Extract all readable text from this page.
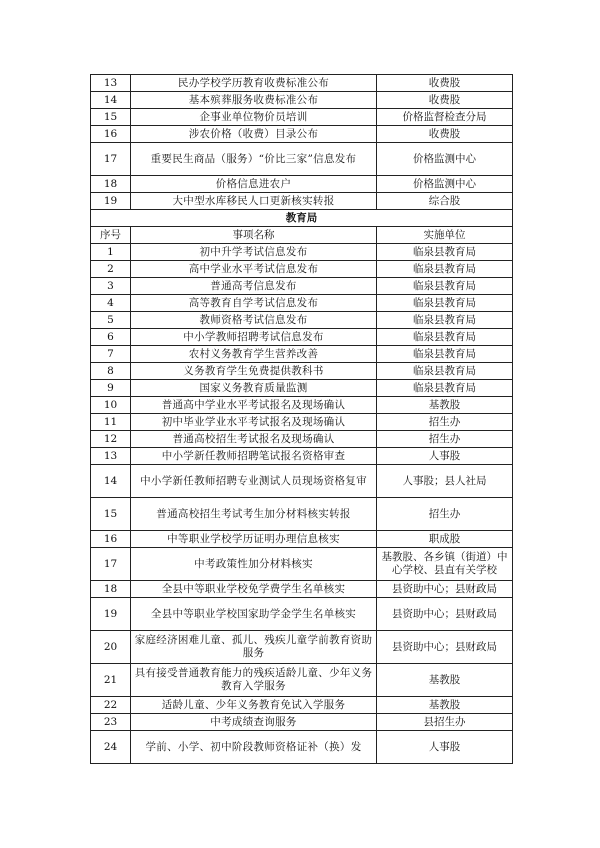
13	民办学校学历教育收费标准公布	收费股
14	基本殡葬服务收费标准公布	收费股
15	企事业单位物价员培训	价格监督检查分局
16	涉农价格（收费）目录公布	收费股
17	重要民生商品（服务）“价比三家”信息发布	价格监测中心
18	价格信息进农户	价格监测中心
19	大中型水库移民人口更新核实转报	综合股
教育局		
序号	事项名称	实施单位
1	初中升学考试信息发布	临泉县教育局
2	高中学业水平考试信息发布	临泉县教育局
3	普通高考信息发布	临泉县教育局
4	高等教育自学考试信息发布	临泉县教育局
5	教师资格考试信息发布	临泉县教育局
6	中小学教师招聘考试信息发布	临泉县教育局
7	农村义务教育学生营养改善	临泉县教育局
8	义务教育学生免费提供教科书	临泉县教育局
9	国家义务教育质量监测	临泉县教育局
10	普通高中学业水平考试报名及现场确认	基教股
11	初中毕业学业水平考试报名及现场确认	招生办
12	普通高校招生考试报名及现场确认	招生办
13	中小学新任教师招聘笔试报名资格审查	人事股
14	中小学新任教师招聘专业测试人员现场资格复审	人事股；县人社局
15	普通高校招生考试考生加分材料核实转报	招生办
16	中等职业学校学历证明办理信息核实	职成股
17	中考政策性加分材料核实	基教股、各乡镇（街道）中心学校、县直有关学校
18	全县中等职业学校免学费学生名单核实	县资助中心；县财政局
19	全县中等职业学校国家助学金学生名单核实	县资助中心；县财政局
20	家庭经济困难儿童、孤儿、残疾儿童学前教育资助服务	县资助中心；县财政局
21	具有接受普通教育能力的残疾适龄儿童、少年义务教育入学服务	基教股
22	适龄儿童、少年义务教育免试入学服务	基教股
23	中考成绩查询服务	县招生办
24	学前、小学、初中阶段教师资格证补（换）发	人事股
